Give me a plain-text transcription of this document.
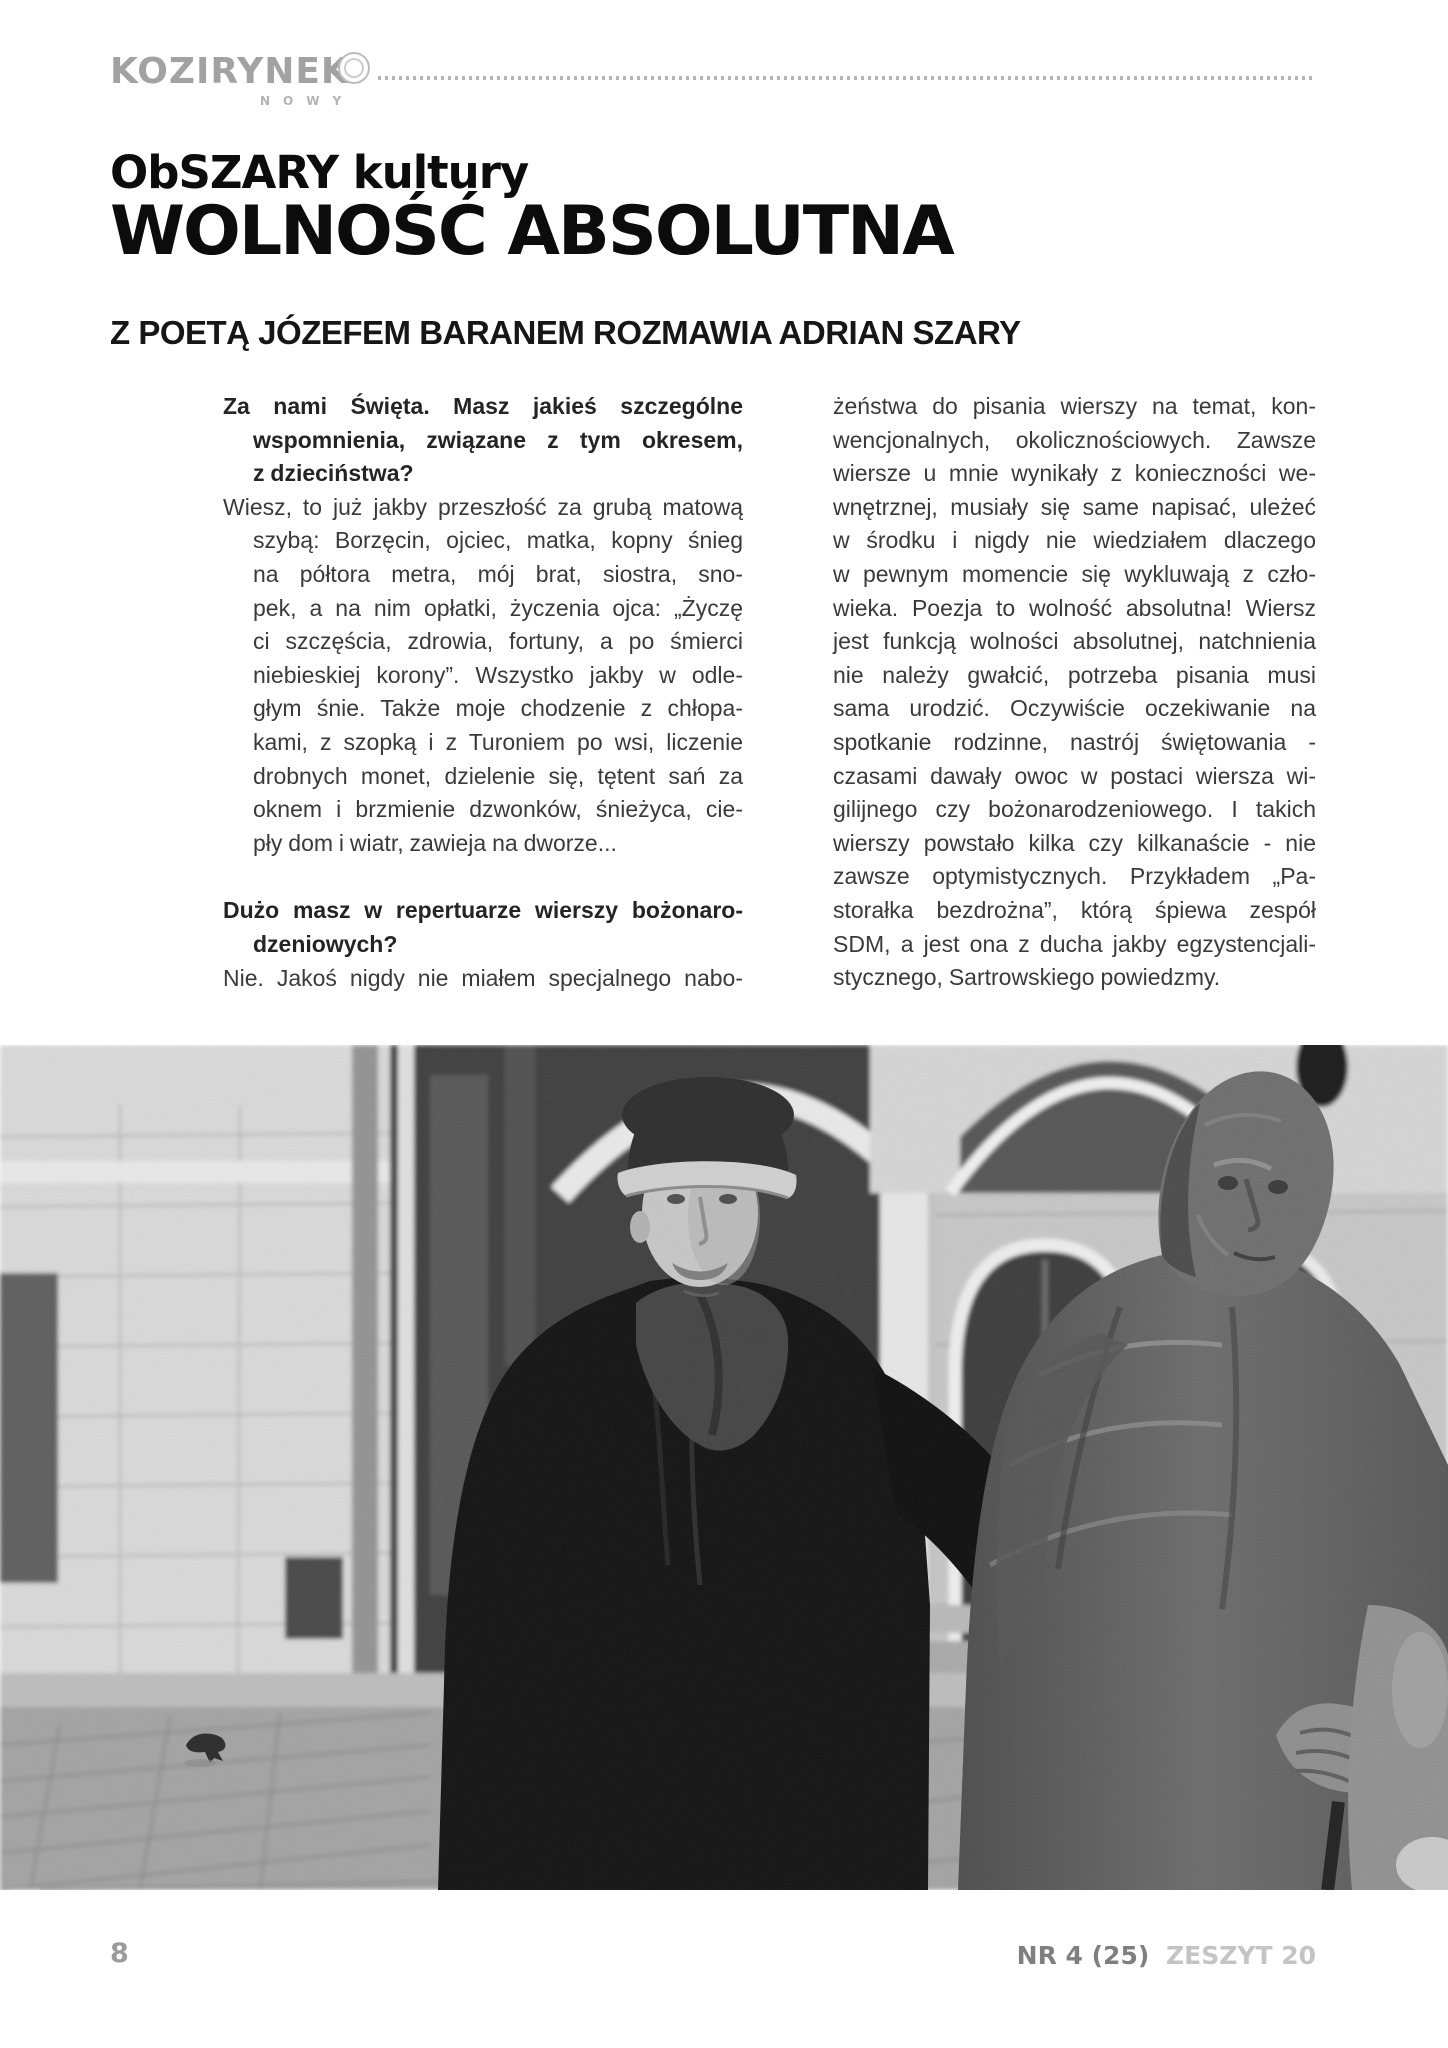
KOZIRYNEK
NOWY
ObSZARY kultury
WOLNOŚĆ ABSOLUTNA
Z POETĄ JÓZEFEM BARANEM ROZMAWIA ADRIAN SZARY
Za nami Święta. Masz jakieś szczególne
wspomnienia, związane z tym okresem,
z dzieciństwa?
Wiesz, to już jakby przeszłość za grubą matową
szybą: Borzęcin, ojciec, matka, kopny śnieg
na półtora metra, mój brat, siostra, sno-
pek, a na nim opłatki, życzenia ojca: „Życzę
ci szczęścia, zdrowia, fortuny, a po śmierci
niebieskiej korony”. Wszystko jakby w odle-
głym śnie. Także moje chodzenie z chłopa-
kami, z szopką i z Turoniem po wsi, liczenie
drobnych monet, dzielenie się, tętent sań za
oknem i brzmienie dzwonków, śnieżyca, cie-
pły dom i wiatr, zawieja na dworze...
Dużo masz w repertuarze wierszy bożonaro-
dzeniowych?
Nie. Jakoś nigdy nie miałem specjalnego nabo-
żeństwa do pisania wierszy na temat, kon-
wencjonalnych, okolicznościowych. Zawsze
wiersze u mnie wynikały z konieczności we-
wnętrznej, musiały się same napisać, uleżeć
w środku i nigdy nie wiedziałem dlaczego
w pewnym momencie się wykluwają z czło-
wieka. Poezja to wolność absolutna! Wiersz
jest funkcją wolności absolutnej, natchnienia
nie należy gwałcić, potrzeba pisania musi
sama urodzić. Oczywiście oczekiwanie na
spotkanie rodzinne, nastrój świętowania -
czasami dawały owoc w postaci wiersza wi-
gilijnego czy bożonarodzeniowego. I takich
wierszy powstało kilka czy kilkanaście - nie
zawsze optymistycznych. Przykładem „Pa-
storałka bezdrożna”, którą śpiewa zespół
SDM, a jest ona z ducha jakby egzystencjali-
stycznego, Sartrowskiego powiedzmy.
8	NR 4 (25) ZESZYT 20
